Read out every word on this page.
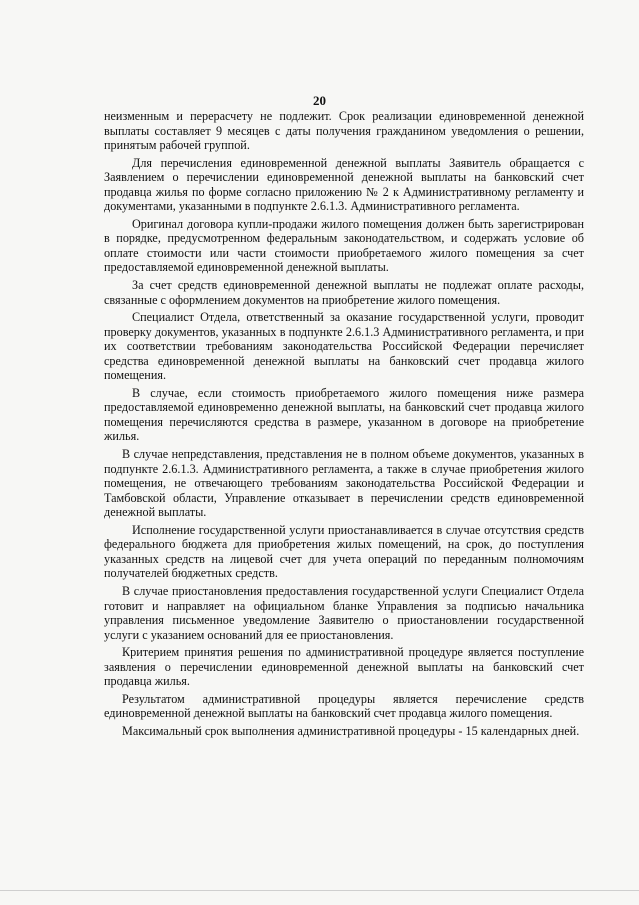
20

неизменным и перерасчету не подлежит. Срок реализации единовременной денежной выплаты составляет 9 месяцев с даты получения гражданином уведомления о решении, принятым рабочей группой.

Для перечисления единовременной денежной выплаты Заявитель обращается с Заявлением о перечислении единовременной денежной выплаты на банковский счет продавца жилья по форме согласно приложению № 2 к Административному регламенту и документами, указанными в подпункте 2.6.1.3. Административного регламента.

Оригинал договора купли-продажи жилого помещения должен быть зарегистрирован в порядке, предусмотренном федеральным законодательством, и содержать условие об оплате стоимости или части стоимости приобретаемого жилого помещения за счет предоставляемой единовременной денежной выплаты.

За счет средств единовременной денежной выплаты не подлежат оплате расходы, связанные с оформлением документов на приобретение жилого помещения.

Специалист Отдела, ответственный за оказание государственной услуги, проводит проверку документов, указанных в подпункте 2.6.1.3 Административного регламента, и при их соответствии требованиям законодательства Российской Федерации перечисляет средства единовременной денежной выплаты на банковский счет продавца жилого помещения.

В случае, если стоимость приобретаемого жилого помещения ниже размера предоставляемой единовременно денежной выплаты, на банковский счет продавца жилого помещения перечисляются средства в размере, указанном в договоре на приобретение жилья.

В случае непредставления, представления не в полном объеме документов, указанных в подпункте 2.6.1.3. Административного регламента, а также в случае приобретения жилого помещения, не отвечающего требованиям законодательства Российской Федерации и Тамбовской области, Управление отказывает в перечислении средств единовременной денежной выплаты.

Исполнение государственной услуги приостанавливается в случае отсутствия средств федерального бюджета для приобретения жилых помещений, на срок, до поступления указанных средств на лицевой счет для учета операций по переданным полномочиям получателей бюджетных средств.

В случае приостановления предоставления государственной услуги Специалист Отдела готовит и направляет на официальном бланке Управления за подписью начальника управления письменное уведомление Заявителю о приостановлении государственной услуги с указанием оснований для ее приостановления.

Критерием принятия решения по административной процедуре является поступление заявления о перечислении единовременной денежной выплаты на банковский счет продавца жилья.

Результатом административной процедуры является перечисление средств единовременной денежной выплаты на банковский счет продавца жилого помещения.

Максимальный срок выполнения административной процедуры - 15 календарных дней.
